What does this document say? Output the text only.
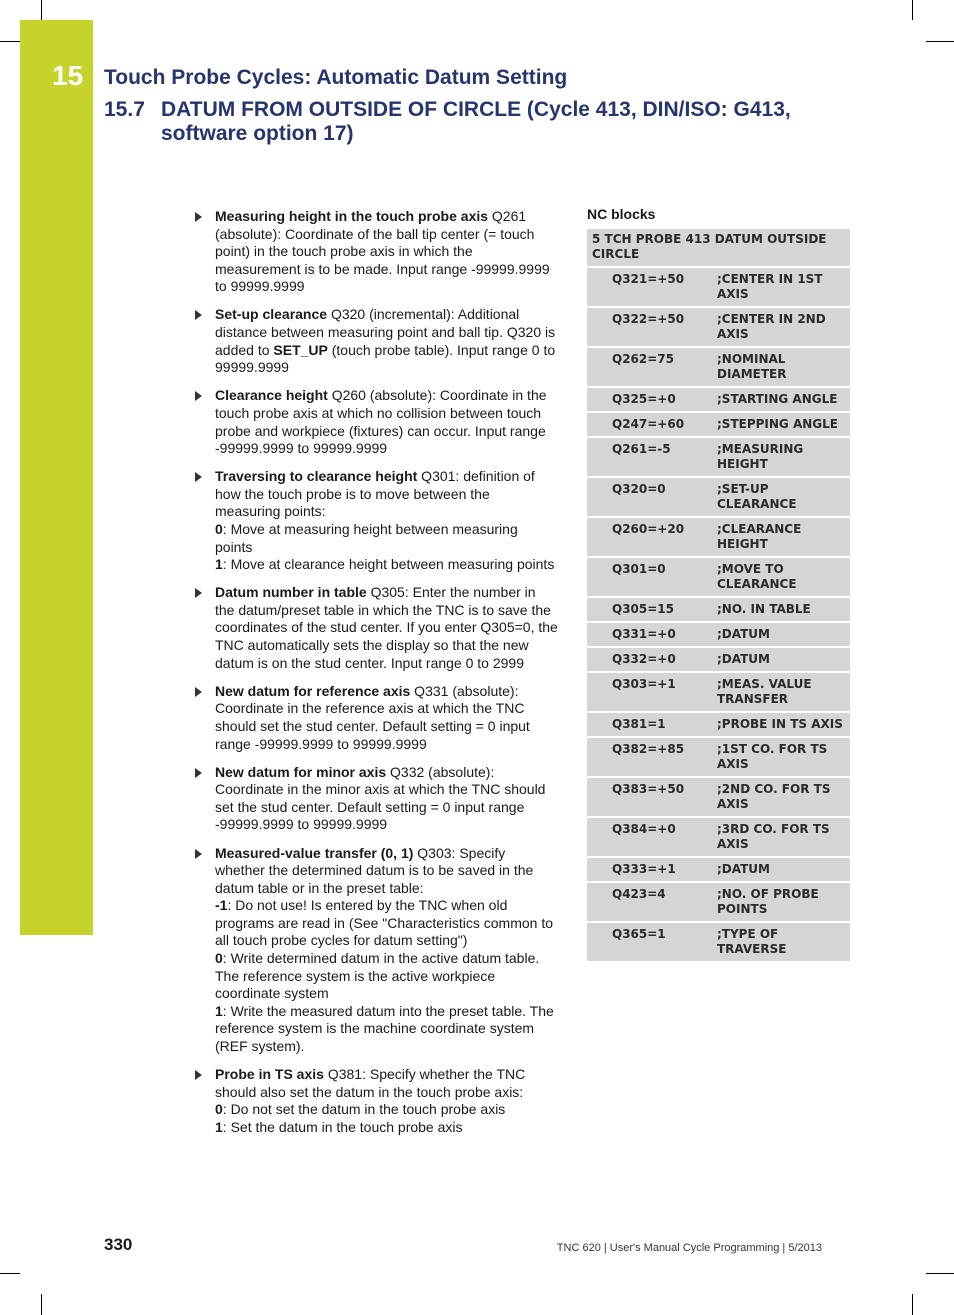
15 Touch Probe Cycles: Automatic Datum Setting
15.7 DATUM FROM OUTSIDE OF CIRCLE (Cycle 413, DIN/ISO: G413, software option 17)
Measuring height in the touch probe axis Q261 (absolute): Coordinate of the ball tip center (= touch point) in the touch probe axis in which the measurement is to be made. Input range -99999.9999 to 99999.9999
Set-up clearance Q320 (incremental): Additional distance between measuring point and ball tip. Q320 is added to SET_UP (touch probe table). Input range 0 to 99999.9999
Clearance height Q260 (absolute): Coordinate in the touch probe axis at which no collision between touch probe and workpiece (fixtures) can occur. Input range -99999.9999 to 99999.9999
Traversing to clearance height Q301: definition of how the touch probe is to move between the measuring points:
0: Move at measuring height between measuring points
1: Move at clearance height between measuring points
Datum number in table Q305: Enter the number in the datum/preset table in which the TNC is to save the coordinates of the stud center. If you enter Q305=0, the TNC automatically sets the display so that the new datum is on the stud center. Input range 0 to 2999
New datum for reference axis Q331 (absolute): Coordinate in the reference axis at which the TNC should set the stud center. Default setting = 0 input range -99999.9999 to 99999.9999
New datum for minor axis Q332 (absolute): Coordinate in the minor axis at which the TNC should set the stud center. Default setting = 0 input range -99999.9999 to 99999.9999
Measured-value transfer (0, 1) Q303: Specify whether the determined datum is to be saved in the datum table or in the preset table:
-1: Do not use! Is entered by the TNC when old programs are read in (See "Characteristics common to all touch probe cycles for datum setting")
0: Write determined datum in the active datum table. The reference system is the active workpiece coordinate system
1: Write the measured datum into the preset table. The reference system is the machine coordinate system (REF system).
Probe in TS axis Q381: Specify whether the TNC should also set the datum in the touch probe axis:
0: Do not set the datum in the touch probe axis
1: Set the datum in the touch probe axis
NC blocks
5 TCH PROBE 413 DATUM OUTSIDE CIRCLE	
Q321=+50	;CENTER IN 1ST AXIS
Q322=+50	;CENTER IN 2ND AXIS
Q262=75	;NOMINAL DIAMETER
Q325=+0	;STARTING ANGLE
Q247=+60	;STEPPING ANGLE
Q261=-5	;MEASURING HEIGHT
Q320=0	;SET-UP CLEARANCE
Q260=+20	;CLEARANCE HEIGHT
Q301=0	;MOVE TO CLEARANCE
Q305=15	;NO. IN TABLE
Q331=+0	;DATUM
Q332=+0	;DATUM
Q303=+1	;MEAS. VALUE TRANSFER
Q381=1	;PROBE IN TS AXIS
Q382=+85	;1ST CO. FOR TS AXIS
Q383=+50	;2ND CO. FOR TS AXIS
Q384=+0	;3RD CO. FOR TS AXIS
Q333=+1	;DATUM
Q423=4	;NO. OF PROBE POINTS
Q365=1	;TYPE OF TRAVERSE
330	TNC 620 | User's Manual Cycle Programming | 5/2013
